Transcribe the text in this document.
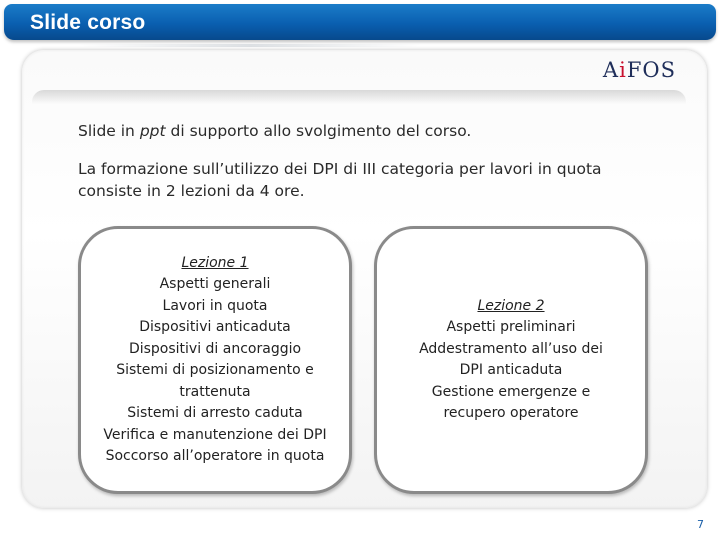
Slide corso
AiFOS
Slide in ppt di supporto allo svolgimento del corso.
La formazione sull’utilizzo dei DPI di III categoria per lavori in quota consiste in 2 lezioni da 4 ore.
Lezione 1
Aspetti generali
Lavori in quota
Dispositivi anticaduta
Dispositivi di ancoraggio
Sistemi di posizionamento e trattenuta
Sistemi di arresto caduta
Verifica e manutenzione dei DPI
Soccorso all’operatore in quota
Lezione 2
Aspetti preliminari
Addestramento all’uso dei DPI anticaduta
Gestione emergenze e recupero operatore
7
